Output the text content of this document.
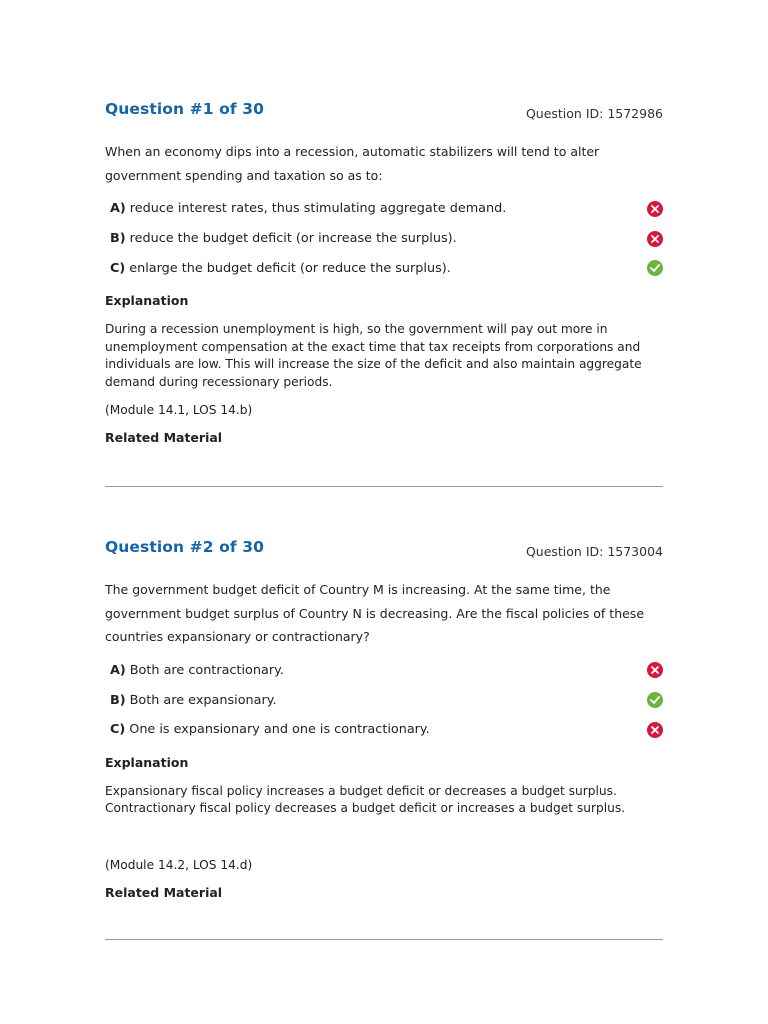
Question #1 of 30	Question ID: 1572986
When an economy dips into a recession, automatic stabilizers will tend to alter government spending and taxation so as to:
A) reduce interest rates, thus stimulating aggregate demand.
B) reduce the budget deficit (or increase the surplus).
C) enlarge the budget deficit (or reduce the surplus).
Explanation
During a recession unemployment is high, so the government will pay out more in unemployment compensation at the exact time that tax receipts from corporations and individuals are low. This will increase the size of the deficit and also maintain aggregate demand during recessionary periods.
(Module 14.1, LOS 14.b)
Related Material
Question #2 of 30	Question ID: 1573004
The government budget deficit of Country M is increasing. At the same time, the government budget surplus of Country N is decreasing. Are the fiscal policies of these countries expansionary or contractionary?
A) Both are contractionary.
B) Both are expansionary.
C) One is expansionary and one is contractionary.
Explanation
Expansionary fiscal policy increases a budget deficit or decreases a budget surplus. Contractionary fiscal policy decreases a budget deficit or increases a budget surplus.
(Module 14.2, LOS 14.d)
Related Material
